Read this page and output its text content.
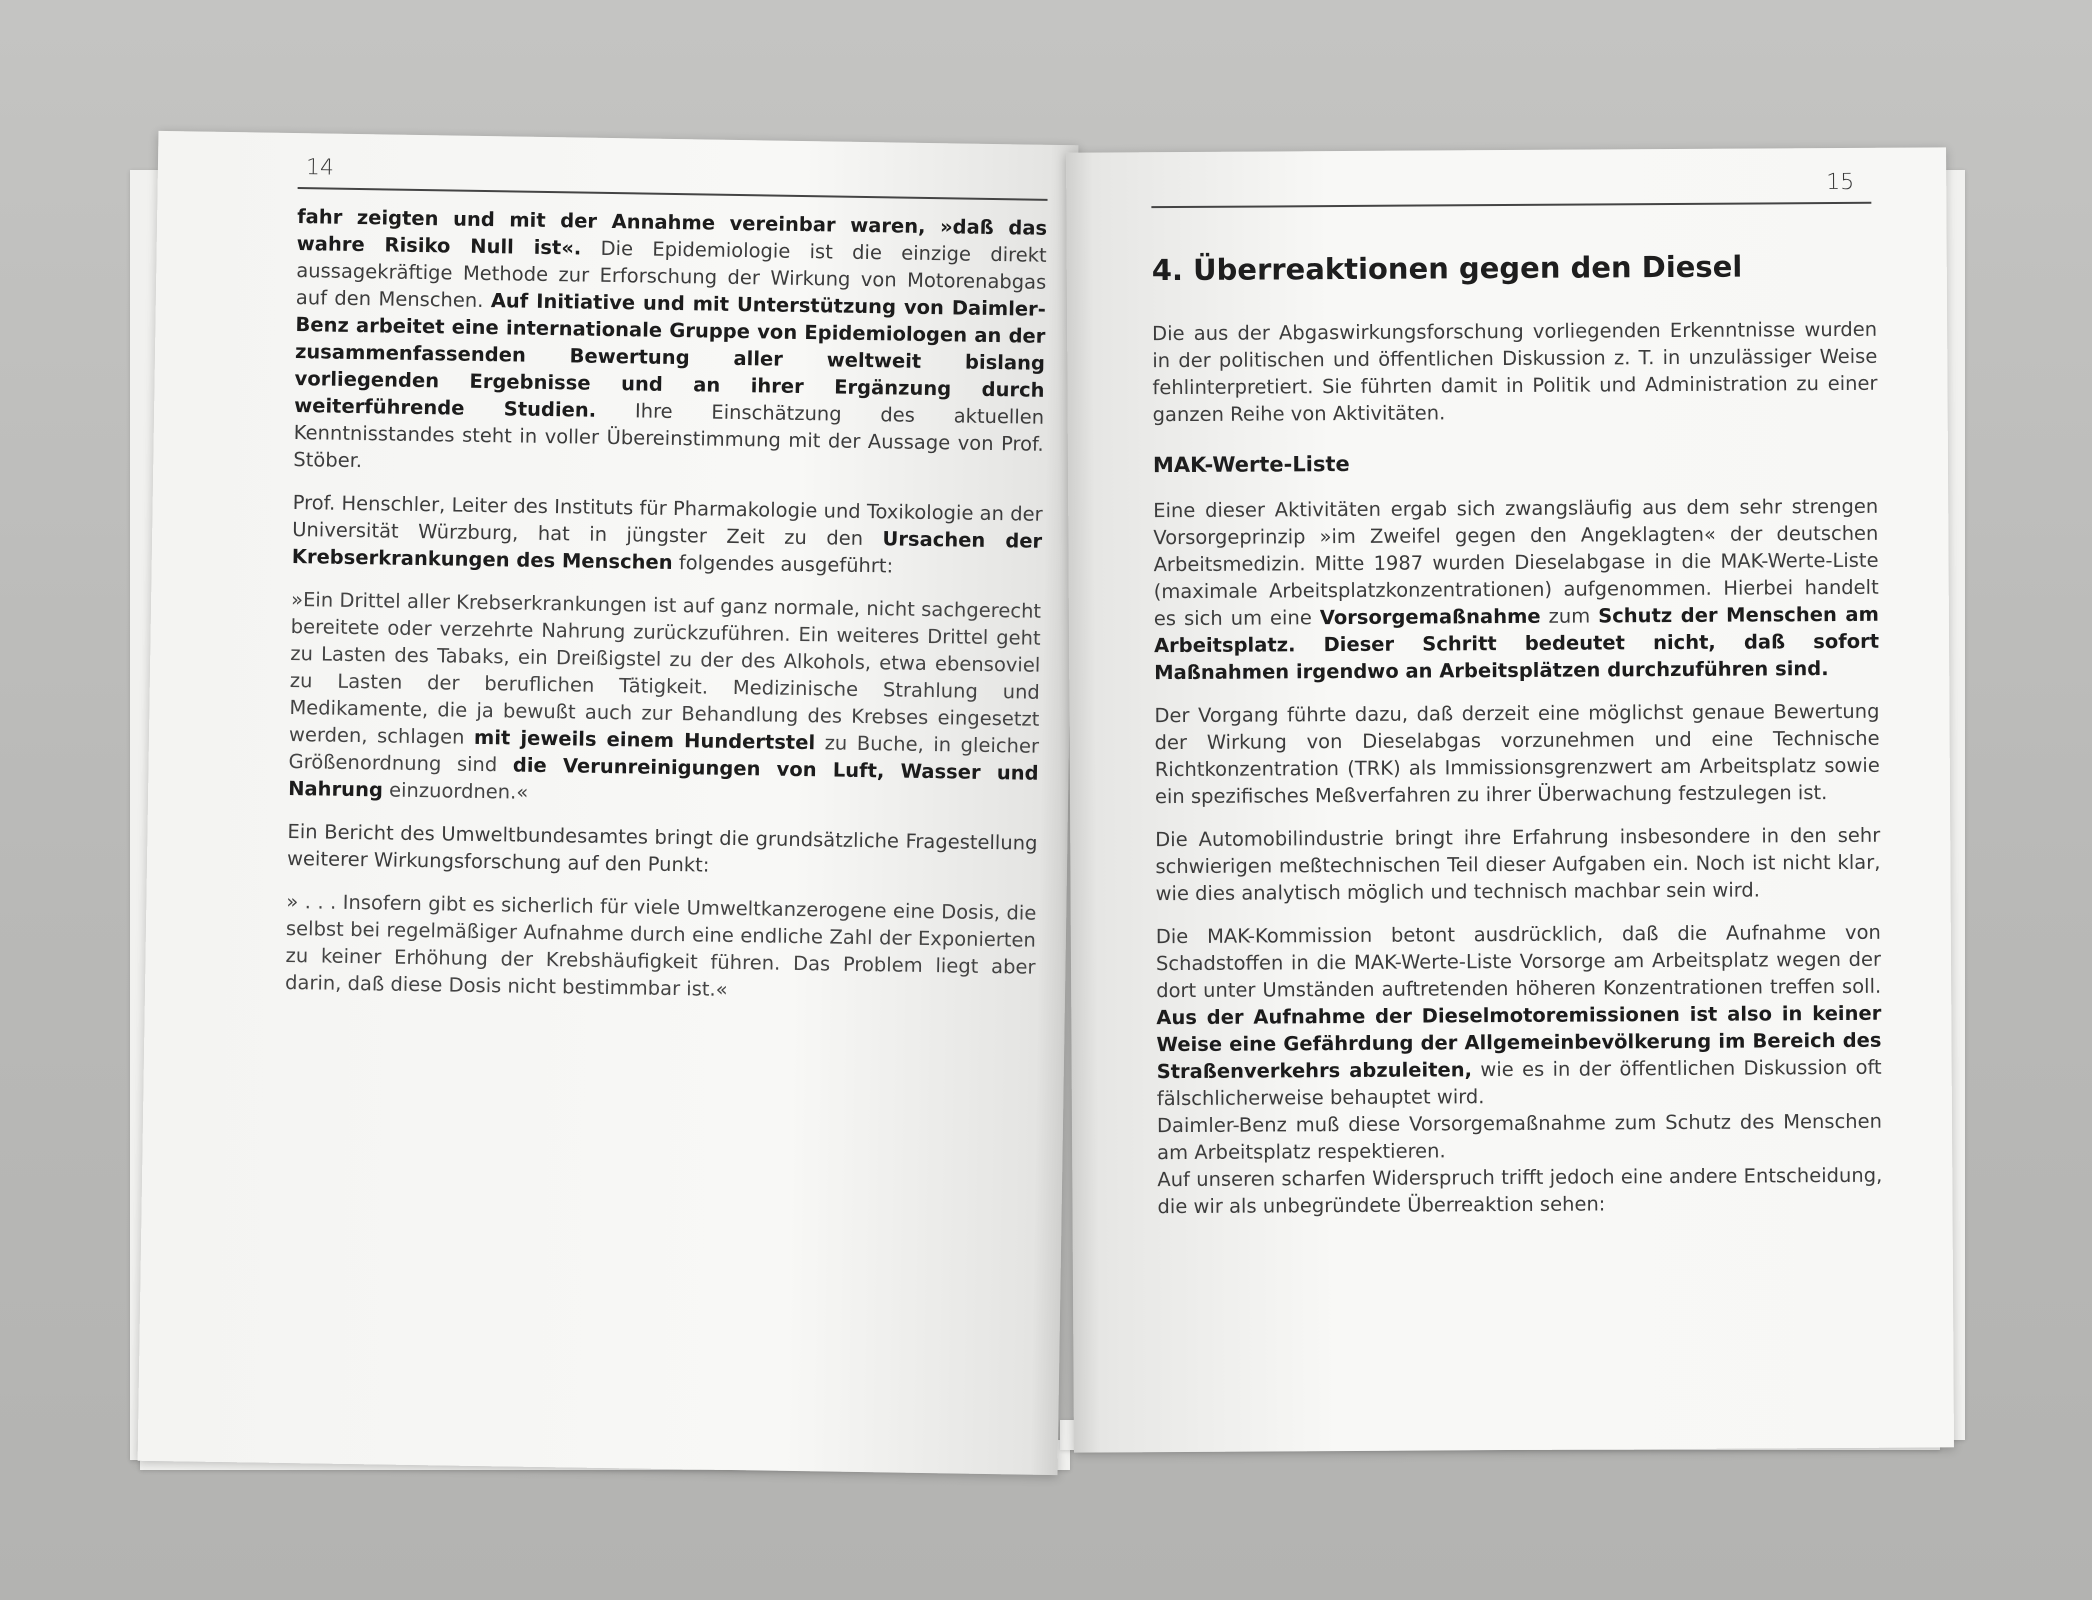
14

fahr zeigten und mit der Annahme vereinbar waren, »daß das wahre Risiko Null ist«. Die Epidemiologie ist die einzige direkt aussagekräftige Methode zur Erforschung der Wirkung von Motorenabgas auf den Menschen. Auf Initiative und mit Unterstützung von Daimler-Benz arbeitet eine internationale Gruppe von Epidemiologen an der zusammenfassenden Bewertung aller weltweit bislang vorliegenden Ergebnisse und an ihrer Ergänzung durch weiterführende Studien. Ihre Einschätzung des aktuellen Kenntnisstandes steht in voller Übereinstimmung mit der Aussage von Prof. Stöber.

Prof. Henschler, Leiter des Instituts für Pharmakologie und Toxikologie an der Universität Würzburg, hat in jüngster Zeit zu den Ursachen der Krebserkrankungen des Menschen folgendes ausgeführt:

»Ein Drittel aller Krebserkrankungen ist auf ganz normale, nicht sachgerecht bereitete oder verzehrte Nahrung zurückzuführen. Ein weiteres Drittel geht zu Lasten des Tabaks, ein Dreißigstel zu der des Alkohols, etwa ebensoviel zu Lasten der beruflichen Tätigkeit. Medizinische Strahlung und Medikamente, die ja bewußt auch zur Behandlung des Krebses eingesetzt werden, schlagen mit jeweils einem Hundertstel zu Buche, in gleicher Größenordnung sind die Verunreinigungen von Luft, Wasser und Nahrung einzuordnen.«

Ein Bericht des Umweltbundesamtes bringt die grundsätzliche Fragestellung weiterer Wirkungsforschung auf den Punkt:

» . . . Insofern gibt es sicherlich für viele Umweltkanzerogene eine Dosis, die selbst bei regelmäßiger Aufnahme durch eine endliche Zahl der Exponierten zu keiner Erhöhung der Krebshäufigkeit führen. Das Problem liegt aber darin, daß diese Dosis nicht bestimmbar ist.«

15
4. Überreaktionen gegen den Diesel

Die aus der Abgaswirkungsforschung vorliegenden Erkenntnisse wurden in der politischen und öffentlichen Diskussion z. T. in unzulässiger Weise fehlinterpretiert. Sie führten damit in Politik und Administration zu einer ganzen Reihe von Aktivitäten.

MAK-Werte-Liste

Eine dieser Aktivitäten ergab sich zwangsläufig aus dem sehr strengen Vorsorgeprinzip »im Zweifel gegen den Angeklagten« der deutschen Arbeitsmedizin. Mitte 1987 wurden Dieselabgase in die MAK-Werte-Liste (maximale Arbeitsplatzkonzentrationen) aufgenommen. Hierbei handelt es sich um eine Vorsorgemaßnahme zum Schutz der Menschen am Arbeitsplatz. Dieser Schritt bedeutet nicht, daß sofort Maßnahmen irgendwo an Arbeitsplätzen durchzuführen sind.

Der Vorgang führte dazu, daß derzeit eine möglichst genaue Bewertung der Wirkung von Dieselabgas vorzunehmen und eine Technische Richtkonzentration (TRK) als Immissionsgrenzwert am Arbeitsplatz sowie ein spezifisches Meßverfahren zu ihrer Überwachung festzulegen ist.

Die Automobilindustrie bringt ihre Erfahrung insbesondere in den sehr schwierigen meßtechnischen Teil dieser Aufgaben ein. Noch ist nicht klar, wie dies analytisch möglich und technisch machbar sein wird.

Die MAK-Kommission betont ausdrücklich, daß die Aufnahme von Schadstoffen in die MAK-Werte-Liste Vorsorge am Arbeitsplatz wegen der dort unter Umständen auftretenden höheren Konzentrationen treffen soll. Aus der Aufnahme der Dieselmotoremissionen ist also in keiner Weise eine Gefährdung der Allgemeinbevölkerung im Bereich des Straßenverkehrs abzuleiten, wie es in der öffentlichen Diskussion oft fälschlicherweise behauptet wird.

Daimler-Benz muß diese Vorsorgemaßnahme zum Schutz des Menschen am Arbeitsplatz respektieren.

Auf unseren scharfen Widerspruch trifft jedoch eine andere Entscheidung, die wir als unbegründete Überreaktion sehen:
